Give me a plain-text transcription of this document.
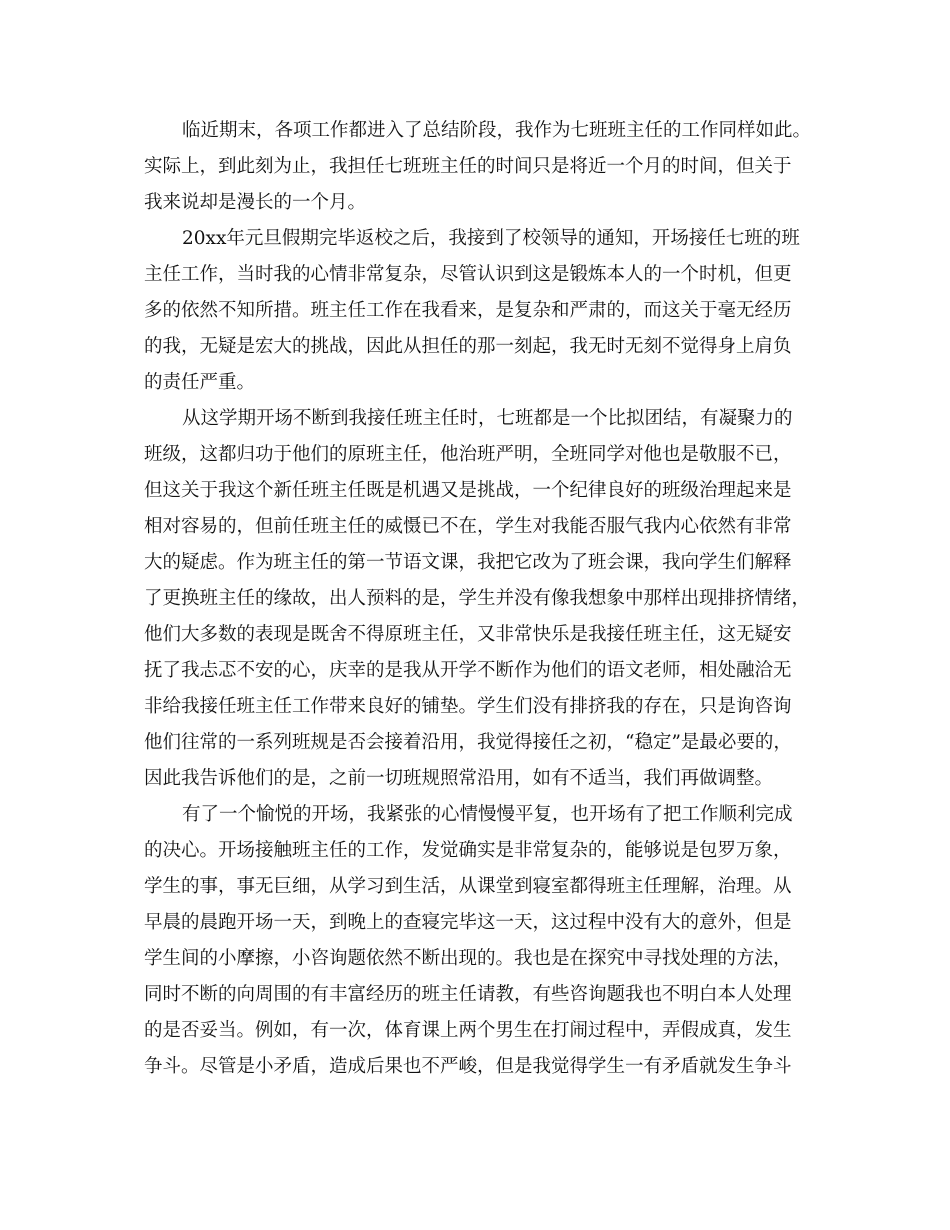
临近期末，各项工作都进入了总结阶段，我作为七班班主任的工作同样如此。
实际上，到此刻为止，我担任七班班主任的时间只是将近一个月的时间，但关于
我来说却是漫长的一个月。
20xx年元旦假期完毕返校之后，我接到了校领导的通知，开场接任七班的班
主任工作，当时我的心情非常复杂，尽管认识到这是锻炼本人的一个时机，但更
多的依然不知所措。班主任工作在我看来，是复杂和严肃的，而这关于毫无经历
的我，无疑是宏大的挑战，因此从担任的那一刻起，我无时无刻不觉得身上肩负
的责任严重。
从这学期开场不断到我接任班主任时，七班都是一个比拟团结，有凝聚力的
班级，这都归功于他们的原班主任，他治班严明，全班同学对他也是敬服不已，
但这关于我这个新任班主任既是机遇又是挑战，一个纪律良好的班级治理起来是
相对容易的，但前任班主任的威慑已不在，学生对我能否服气我内心依然有非常
大的疑虑。作为班主任的第一节语文课，我把它改为了班会课，我向学生们解释
了更换班主任的缘故，出人预料的是，学生并没有像我想象中那样出现排挤情绪，
他们大多数的表现是既舍不得原班主任，又非常快乐是我接任班主任，这无疑安
抚了我忐忑不安的心，庆幸的是我从开学不断作为他们的语文老师，相处融洽无
非给我接任班主任工作带来良好的铺垫。学生们没有排挤我的存在，只是询咨询
他们往常的一系列班规是否会接着沿用，我觉得接任之初，“稳定”是最必要的，
因此我告诉他们的是，之前一切班规照常沿用，如有不适当，我们再做调整。
有了一个愉悦的开场，我紧张的心情慢慢平复，也开场有了把工作顺利完成
的决心。开场接触班主任的工作，发觉确实是非常复杂的，能够说是包罗万象，
学生的事，事无巨细，从学习到生活，从课堂到寝室都得班主任理解，治理。从
早晨的晨跑开场一天，到晚上的查寝完毕这一天，这过程中没有大的意外，但是
学生间的小摩擦，小咨询题依然不断出现的。我也是在探究中寻找处理的方法，
同时不断的向周围的有丰富经历的班主任请教，有些咨询题我也不明白本人处理
的是否妥当。例如，有一次，体育课上两个男生在打闹过程中，弄假成真，发生
争斗。尽管是小矛盾，造成后果也不严峻，但是我觉得学生一有矛盾就发生争斗
